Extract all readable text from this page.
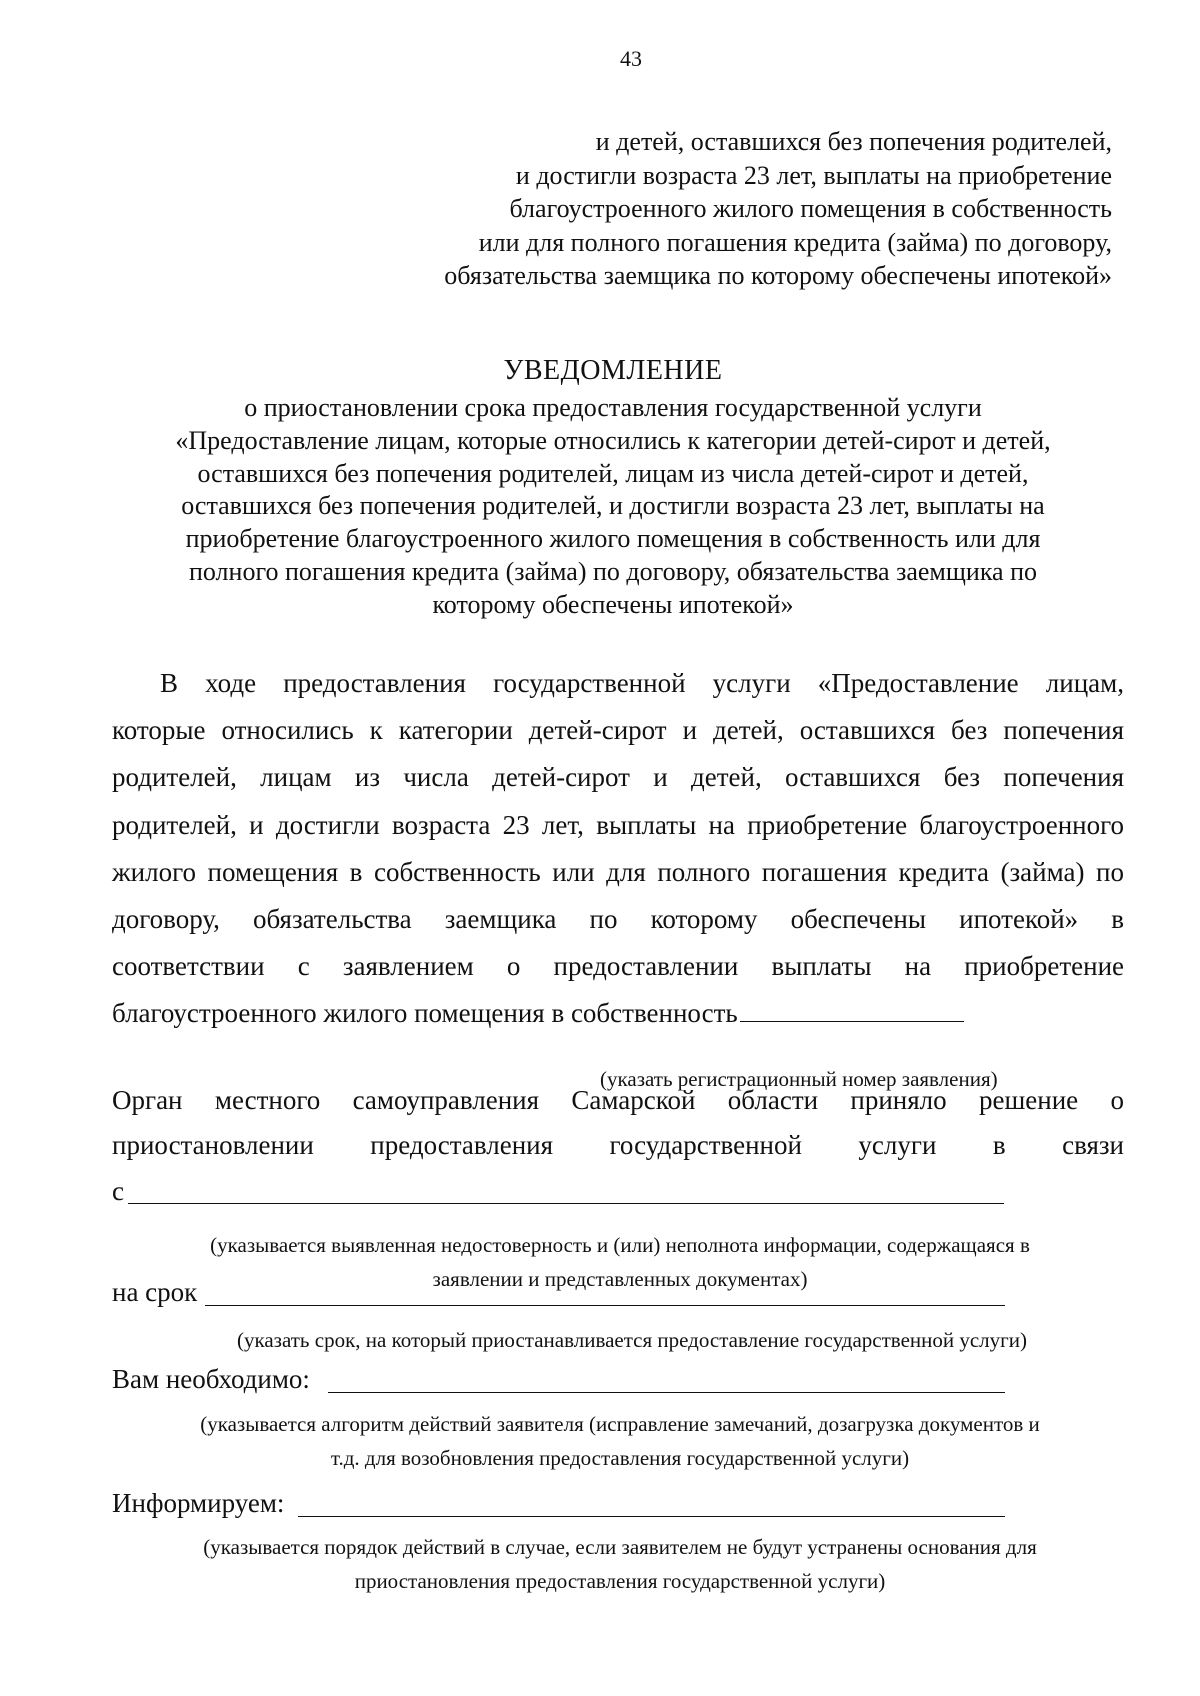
43
и детей, оставшихся без попечения родителей,
и достигли возраста 23 лет, выплаты на приобретение
благоустроенного жилого помещения в собственность
или для полного погашения кредита (займа) по договору,
обязательства заемщика по которому обеспечены ипотекой»
УВЕДОМЛЕНИЕ
о приостановлении срока предоставления государственной услуги
«Предоставление лицам, которые относились к категории детей-сирот и детей,
оставшихся без попечения родителей, лицам из числа детей-сирот и детей,
оставшихся без попечения родителей, и достигли возраста 23 лет, выплаты на
приобретение благоустроенного жилого помещения в собственность или для
полного погашения кредита (займа) по договору, обязательства заемщика по
которому обеспечены ипотекой»
В ходе предоставления государственной услуги «Предоставление лицам,
которые относились к категории детей-сирот и детей, оставшихся без попечения
родителей, лицам из числа детей-сирот и детей, оставшихся без попечения
родителей, и достигли возраста 23 лет, выплаты на приобретение благоустроенного
жилого помещения в собственность или для полного погашения кредита (займа) по
договору, обязательства заемщика по которому обеспечены ипотекой» в
соответствии с заявлением о предоставлении выплаты на приобретение
благоустроенного жилого помещения в собственность
(указать регистрационный номер заявления)
Орган местного самоуправления Самарской области приняло решение о
приостановлении предоставления государственной услуги в связи
с
(указывается выявленная недостоверность и (или) неполнота информации, содержащаяся в
заявлении и представленных документах)
на срок
(указать срок, на который приостанавливается предоставление государственной услуги)
Вам необходимо:
(указывается алгоритм действий заявителя (исправление замечаний, дозагрузка документов и
т.д. для возобновления предоставления государственной услуги)
Информируем:
(указывается порядок действий в случае, если заявителем не будут устранены основания для
приостановления предоставления государственной услуги)
